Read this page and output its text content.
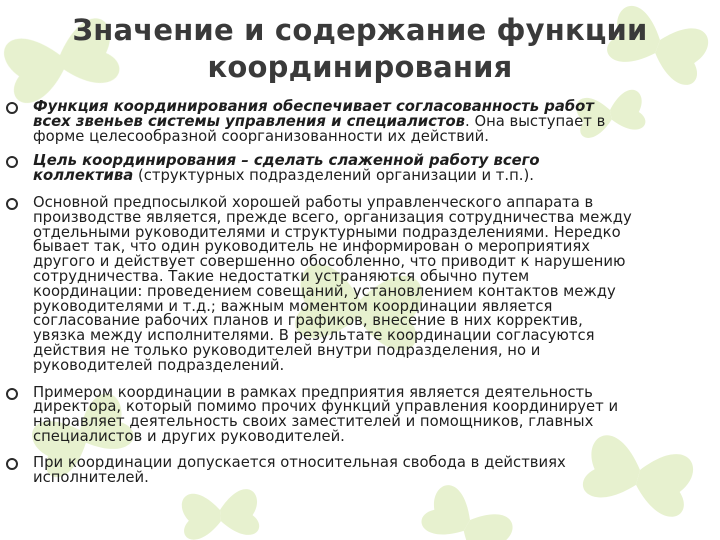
Значение и содержание функции
координирования

Функция координирования обеспечивает согласованность работ
всех звеньев системы управления и специалистов. Она выступает в
форме целесообразной соорганизованности их действий.

Цель координирования – сделать слаженной работу всего
коллектива (структурных подразделений организации и т.п.).

Основной предпосылкой хорошей работы управленческого аппарата в
производстве является, прежде всего, организация сотрудничества между
отдельными руководителями и структурными подразделениями. Нередко
бывает так, что один руководитель не информирован о мероприятиях
другого и действует совершенно обособленно, что приводит к нарушению
сотрудничества. Такие недостатки устраняются обычно путем
координации: проведением совещаний, установлением контактов между
руководителями и т.д.; важным моментом координации является
согласование рабочих планов и графиков, внесение в них корректив,
увязка между исполнителями. В результате координации согласуются
действия не только руководителей внутри подразделения, но и
руководителей подразделений.

Примером координации в рамках предприятия является деятельность
директора, который помимо прочих функций управления координирует и
направляет деятельность своих заместителей и помощников, главных
специалистов и других руководителей.

При координации допускается относительная свобода в действиях
исполнителей.
